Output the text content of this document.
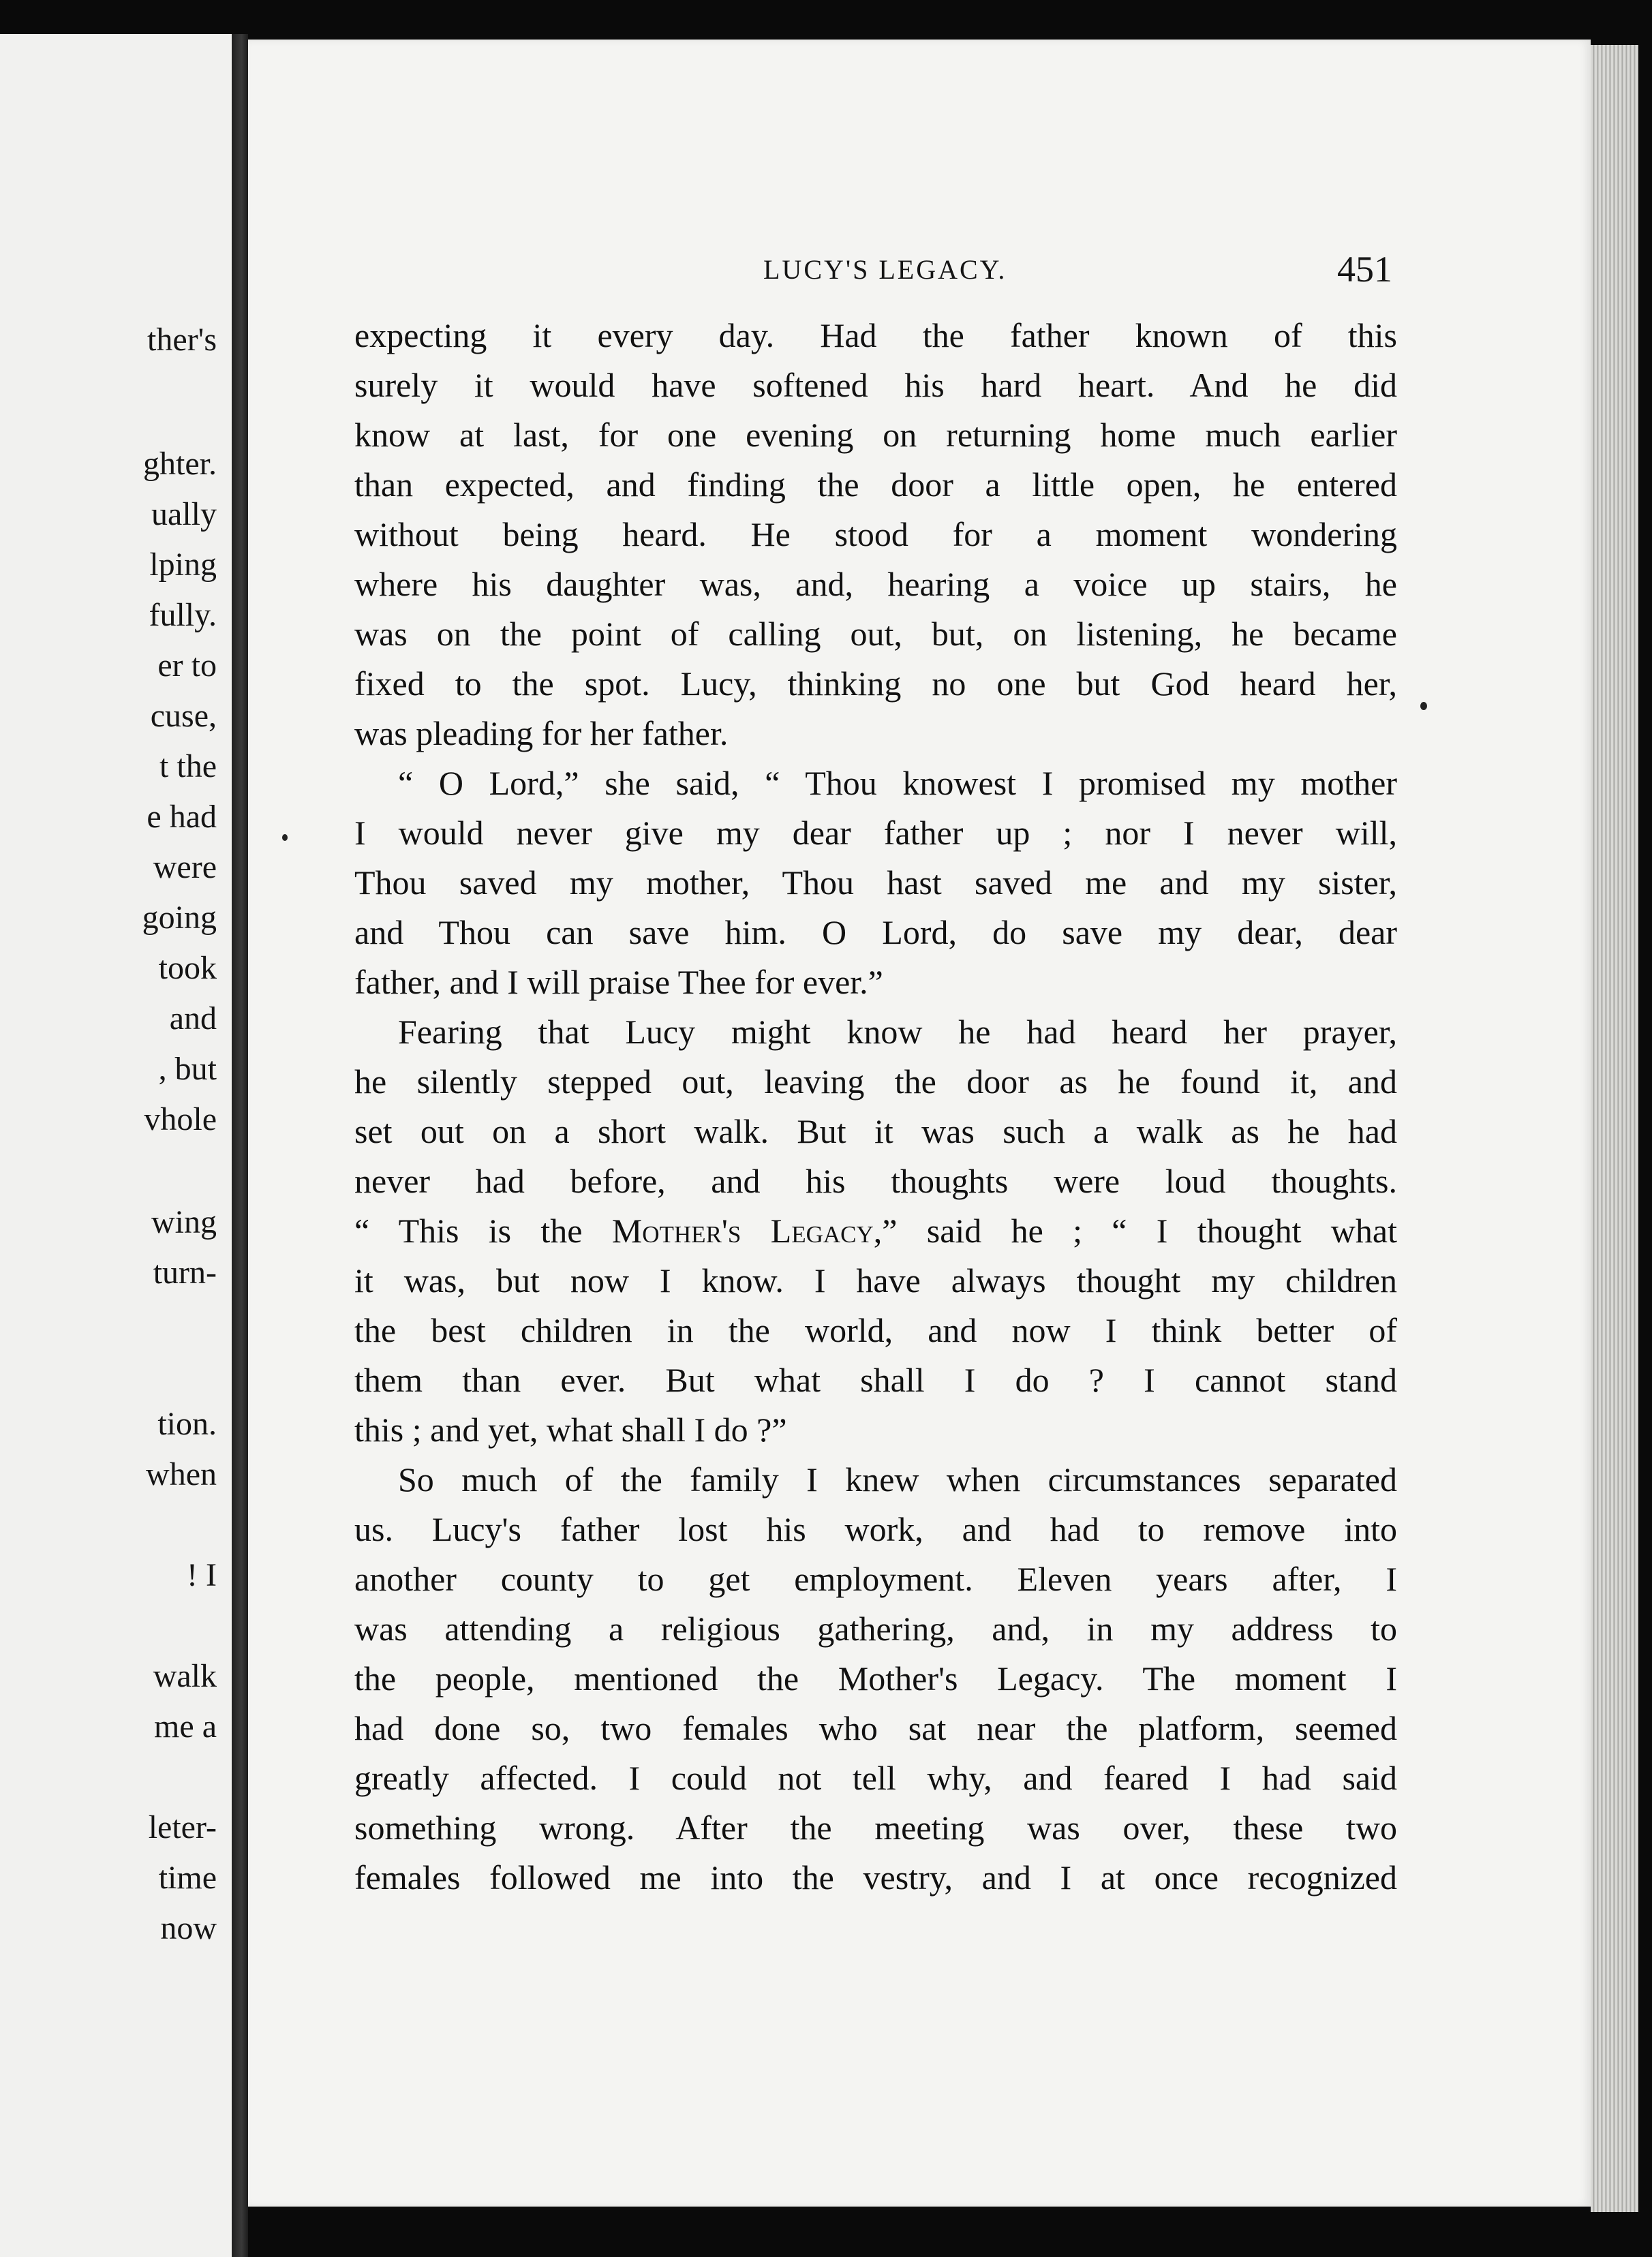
ther's
ghter.
ually
lping
fully.
er to
cuse,
t the
e had
were
going
took
and
, but
vhole
wing
turn-
tion.
when
! I
walk
me a
leter-
time
now
LUCY'S LEGACY.	451
expecting it every day. Had the father known of this
surely it would have softened his hard heart. And he did
know at last, for one evening on returning home much earlier
than expected, and finding the door a little open, he entered
without being heard. He stood for a moment wondering
where his daughter was, and, hearing a voice up stairs, he
was on the point of calling out, but, on listening, he became
fixed to the spot. Lucy, thinking no one but God heard her,
was pleading for her father.
“ O Lord,” she said, “ Thou knowest I promised my mother
I would never give my dear father up ; nor I never will,
Thou saved my mother, Thou hast saved me and my sister,
and Thou can save him. O Lord, do save my dear, dear
father, and I will praise Thee for ever.”
Fearing that Lucy might know he had heard her prayer,
he silently stepped out, leaving the door as he found it, and
set out on a short walk. But it was such a walk as he had
never had before, and his thoughts were loud thoughts.
“ This is the Mother's Legacy,” said he ; “ I thought what
it was, but now I know. I have always thought my children
the best children in the world, and now I think better of
them than ever. But what shall I do ? I cannot stand
this ; and yet, what shall I do ?”
So much of the family I knew when circumstances separated
us. Lucy's father lost his work, and had to remove into
another county to get employment. Eleven years after, I
was attending a religious gathering, and, in my address to
the people, mentioned the Mother's Legacy. The moment I
had done so, two females who sat near the platform, seemed
greatly affected. I could not tell why, and feared I had said
something wrong. After the meeting was over, these two
females followed me into the vestry, and I at once recognized
